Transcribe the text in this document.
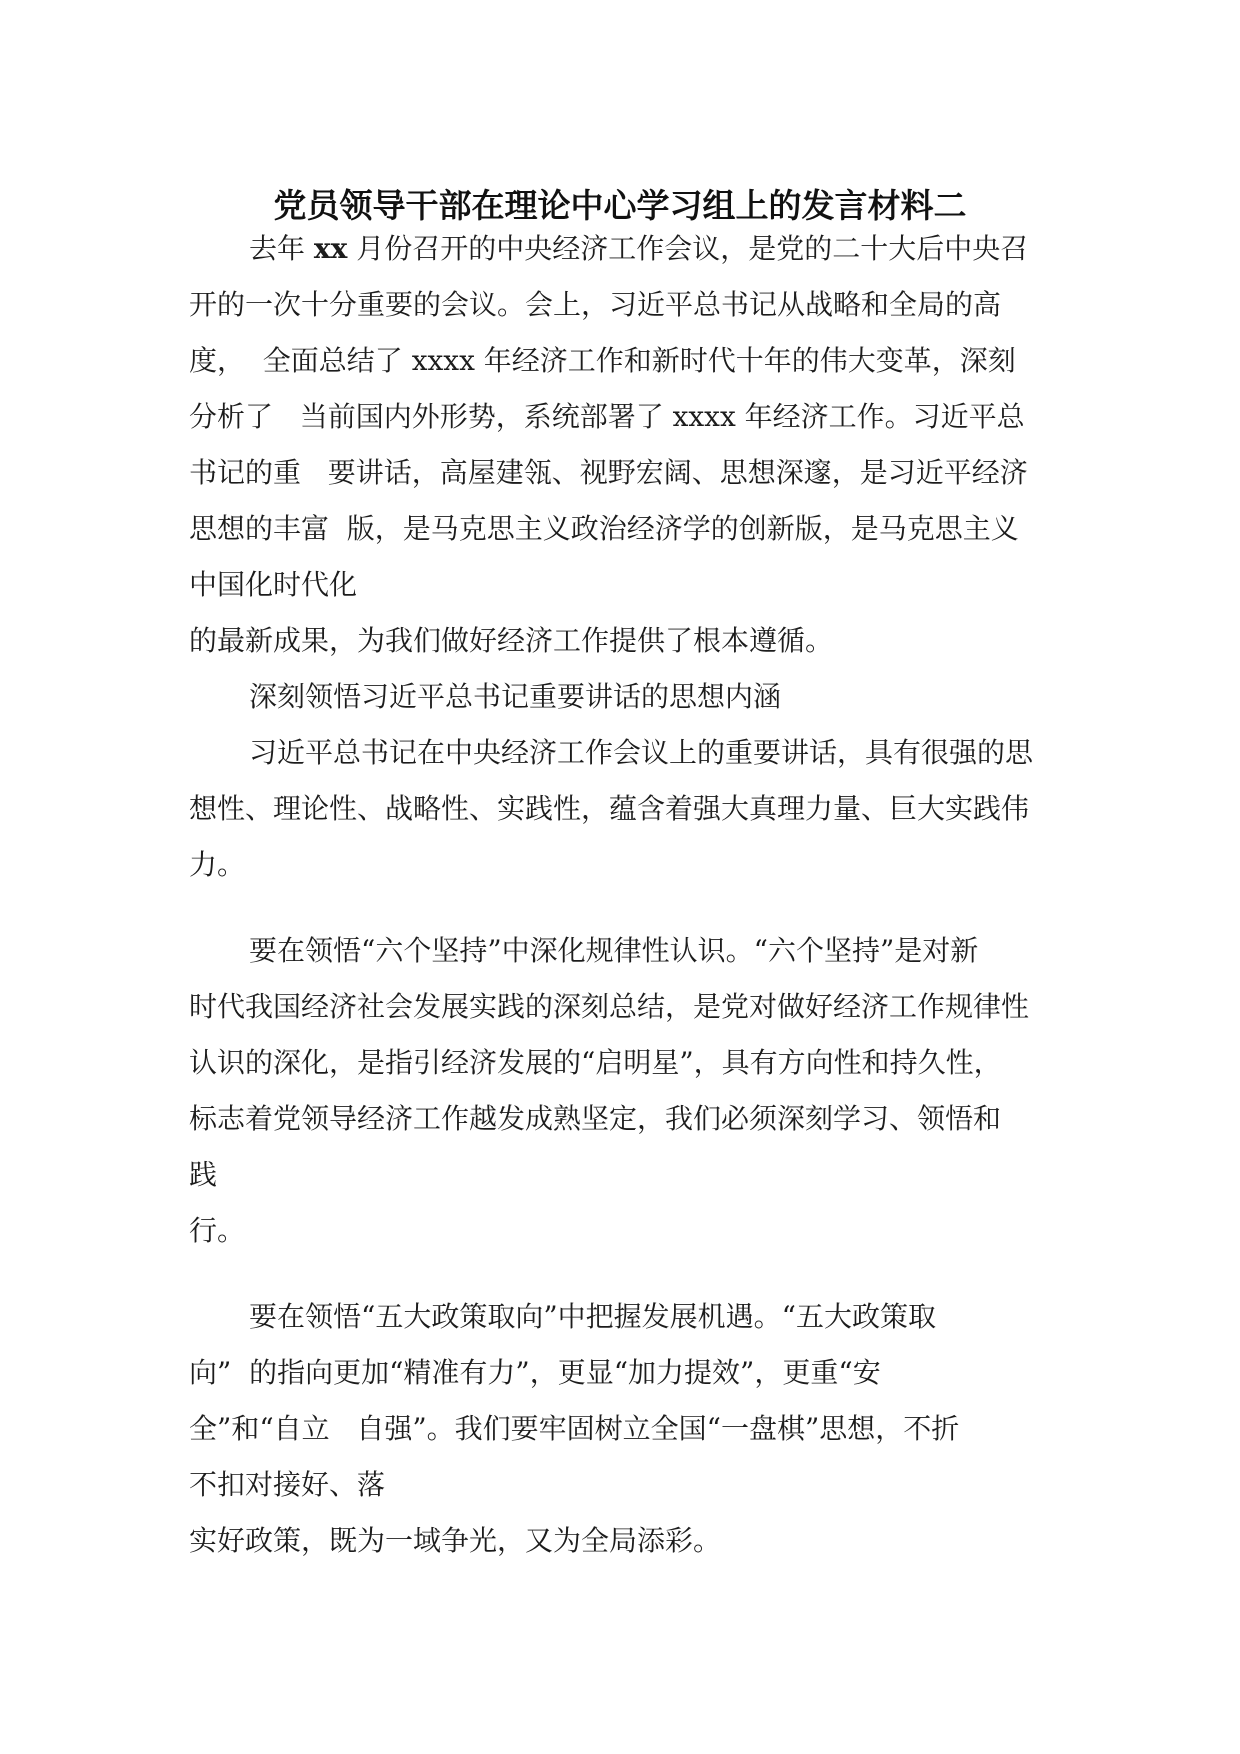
党员领导干部在理论中心学习组上的发言材料二
去年 xx 月份召开的中央经济工作会议，是党的二十大后中央召
开的一次十分重要的会议。会上，习近平总书记从战略和全局的高
度，  全面总结了 xxxx 年经济工作和新时代十年的伟大变革，深刻
分析了   当前国内外形势，系统部署了 xxxx 年经济工作。习近平总
书记的重   要讲话，高屋建瓴、视野宏阔、思想深邃，是习近平经济
思想的丰富  版，是马克思主义政治经济学的创新版，是马克思主义
中国化时代化
的最新成果，为我们做好经济工作提供了根本遵循。
深刻领悟习近平总书记重要讲话的思想内涵
习近平总书记在中央经济工作会议上的重要讲话，具有很强的思
想性、理论性、战略性、实践性，蕴含着强大真理力量、巨大实践伟
力。
要在领悟“六个坚持”中深化规律性认识。“六个坚持”是对新
时代我国经济社会发展实践的深刻总结，是党对做好经济工作规律性
认识的深化，是指引经济发展的“启明星”，具有方向性和持久性，
标志着党领导经济工作越发成熟坚定，我们必须深刻学习、领悟和
践
行。
要在领悟“五大政策取向”中把握发展机遇。“五大政策取
向”  的指向更加“精准有力”，更显“加力提效”，更重“安
全”和“自立   自强”。我们要牢固树立全国“一盘棋”思想，不折
不扣对接好、落
实好政策，既为一域争光，又为全局添彩。
